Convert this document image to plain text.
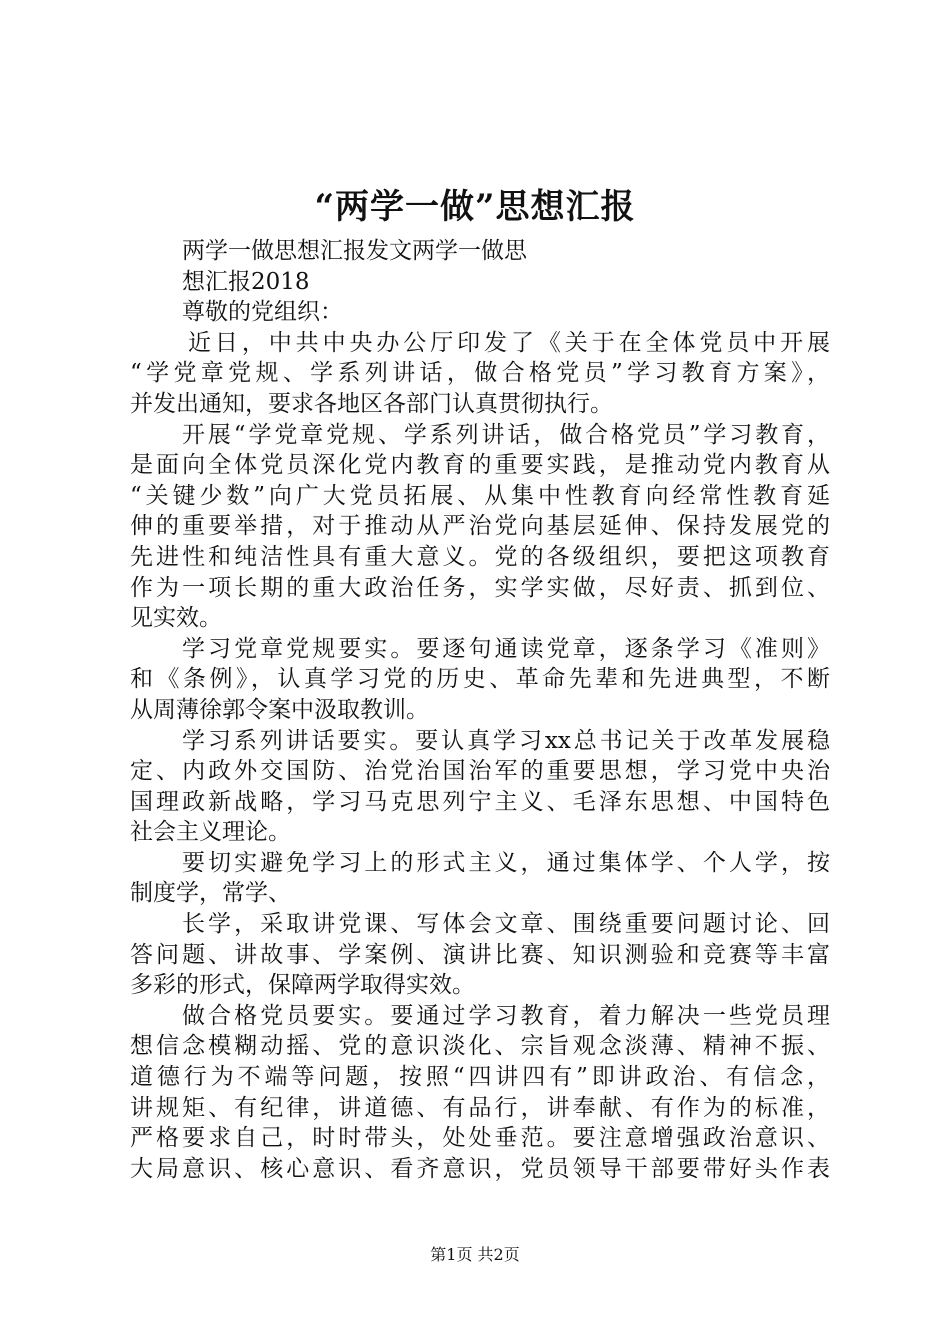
“两学一做”思想汇报
两学一做思想汇报发文两学一做思
想汇报2018
尊敬的党组织：
近日，中共中央办公厅印发了《关于在全体党员中开展
“学党章党规、学系列讲话，做合格党员”学习教育方案》，
并发出通知，要求各地区各部门认真贯彻执行。
开展“学党章党规、学系列讲话，做合格党员”学习教育，
是面向全体党员深化党内教育的重要实践，是推动党内教育从
“关键少数”向广大党员拓展、从集中性教育向经常性教育延
伸的重要举措，对于推动从严治党向基层延伸、保持发展党的
先进性和纯洁性具有重大意义。党的各级组织，要把这项教育
作为一项长期的重大政治任务，实学实做，尽好责、抓到位、
见实效。
学习党章党规要实。要逐句通读党章，逐条学习《准则》
和《条例》，认真学习党的历史、革命先辈和先进典型，不断
从周薄徐郭令案中汲取教训。
学习系列讲话要实。要认真学习xx总书记关于改革发展稳
定、内政外交国防、治党治国治军的重要思想，学习党中央治
国理政新战略，学习马克思列宁主义、毛泽东思想、中国特色
社会主义理论。
要切实避免学习上的形式主义，通过集体学、个人学，按
制度学，常学、
长学，采取讲党课、写体会文章、围绕重要问题讨论、回
答问题、讲故事、学案例、演讲比赛、知识测验和竞赛等丰富
多彩的形式，保障两学取得实效。
做合格党员要实。要通过学习教育，着力解决一些党员理
想信念模糊动摇、党的意识淡化、宗旨观念淡薄、精神不振、
道德行为不端等问题，按照“四讲四有”即讲政治、有信念，
讲规矩、有纪律，讲道德、有品行，讲奉献、有作为的标准，
严格要求自己，时时带头，处处垂范。要注意增强政治意识、
大局意识、核心意识、看齐意识，党员领导干部要带好头作表
第1页 共2页
